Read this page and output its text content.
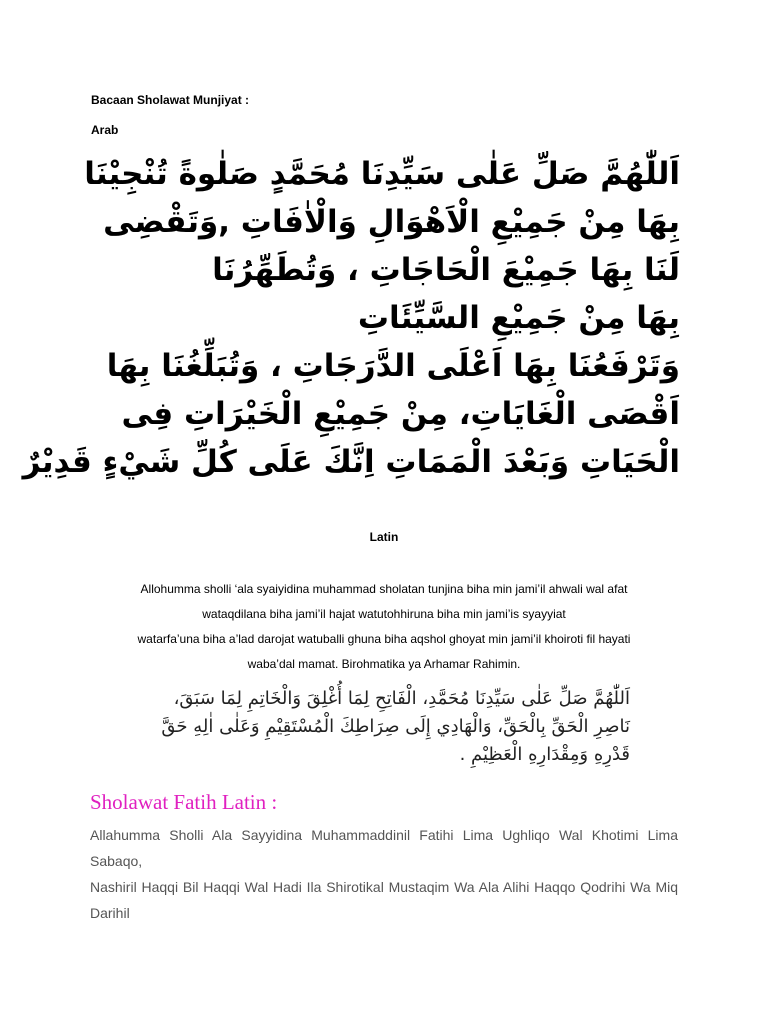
Bacaan Sholawat Munjiyat :
Arab
اَللّٰهُمَّ صَلِّ عَلٰى سَيِّدِنَا مُحَمَّدٍ صَلٰوةً تُنْجِيْنَا
بِهَا مِنْ جَمِيْعِ الْاَهْوَالِ وَالْاٰفَاتِ ,وَتَقْضِى
لَنَا بِهَا جَمِيْعَ الْحَاجَاتِ ، وَتُطَهِّرُنَا
بِهَا مِنْ جَمِيْعِ السَّيِّئَاتِ
وَتَرْفَعُنَا بِهَا اَعْلَى الدَّرَجَاتِ ، وَتُبَلِّغُنَا بِهَا
اَقْصَى الْغَايَاتِ، مِنْ جَمِيْعِ الْخَيْرَاتِ فِى
الْحَيَاتِ وَبَعْدَ الْمَمَاتِ اِنَّكَ عَلَى كُلِّ شَيْءٍ قَدِيْرٌ
Latin
Allohumma sholli ‘ala syaiyidina muhammad sholatan tunjina biha min jami’il ahwali wal afat
wataqdilana biha jami’il hajat watutohhiruna biha min jami’is syayyiat
watarfa’una biha a’lad darojat watuballi ghuna biha aqshol ghoyat min jami’il khoiroti fil hayati
waba’dal mamat. Birohmatika ya Arhamar Rahimin.
اَللّٰهُمَّ صَلِّ عَلٰى سَيِّدِنَا مُحَمَّدِ، الْفَاتِحِ لِمَا أُغْلِقَ وَالْخَاتِمِ لِمَا سَبَقَ،
نَاصِرِ الْحَقِّ بِالْحَقِّ، وَالْهَادِي إِلَى صِرَاطِكَ الْمُسْتَقِيْمِ وَعَلٰى اٰلِهِ حَقَّ
قَدْرِهِ وَمِقْدَارِهِ الْعَظِيْمِ .
Sholawat Fatih Latin :

Allahumma Sholli Ala Sayyidina Muhammaddinil Fatihi Lima Ughliqo Wal Khotimi Lima Sabaqo,

Nashiril Haqqi Bil Haqqi Wal Hadi Ila Shirotikal Mustaqim Wa Ala Alihi Haqqo Qodrihi Wa Miq Darihil
